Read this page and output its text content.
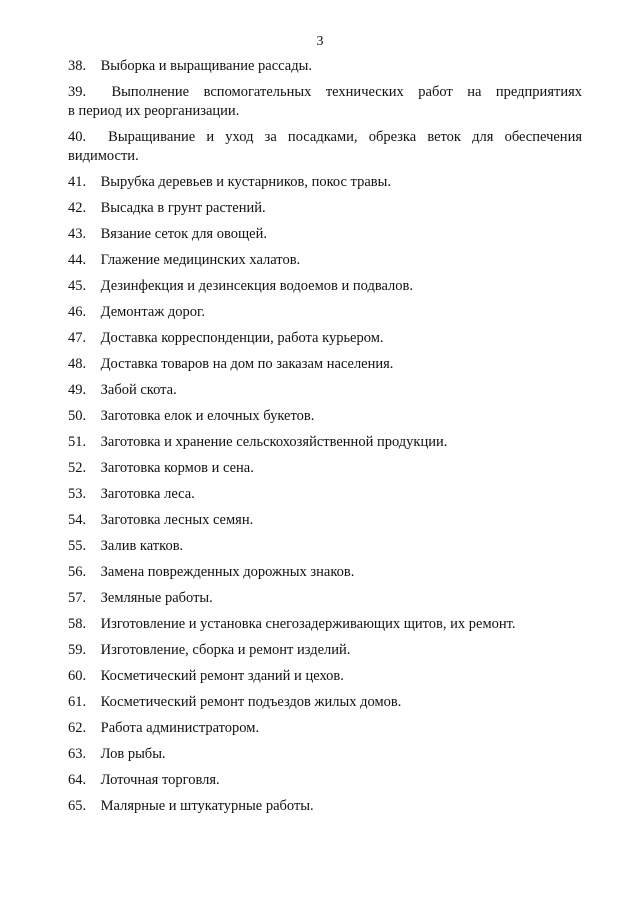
3
38. Выборка и выращивание рассады.
39. Выполнение вспомогательных технических работ на предприятиях
в период их реорганизации.
40. Выращивание и уход за посадками, обрезка веток для обеспечения
видимости.
41. Вырубка деревьев и кустарников, покос травы.
42. Высадка в грунт растений.
43. Вязание сеток для овощей.
44. Глажение медицинских халатов.
45. Дезинфекция и дезинсекция водоемов и подвалов.
46. Демонтаж дорог.
47. Доставка корреспонденции, работа курьером.
48. Доставка товаров на дом по заказам населения.
49. Забой скота.
50. Заготовка елок и елочных букетов.
51. Заготовка и хранение сельскохозяйственной продукции.
52. Заготовка кормов и сена.
53. Заготовка леса.
54. Заготовка лесных семян.
55. Залив катков.
56. Замена поврежденных дорожных знаков.
57. Земляные работы.
58. Изготовление и установка снегозадерживающих щитов, их ремонт.
59. Изготовление, сборка и ремонт изделий.
60. Косметический ремонт зданий и цехов.
61. Косметический ремонт подъездов жилых домов.
62. Работа администратором.
63. Лов рыбы.
64. Лоточная торговля.
65. Малярные и штукатурные работы.
